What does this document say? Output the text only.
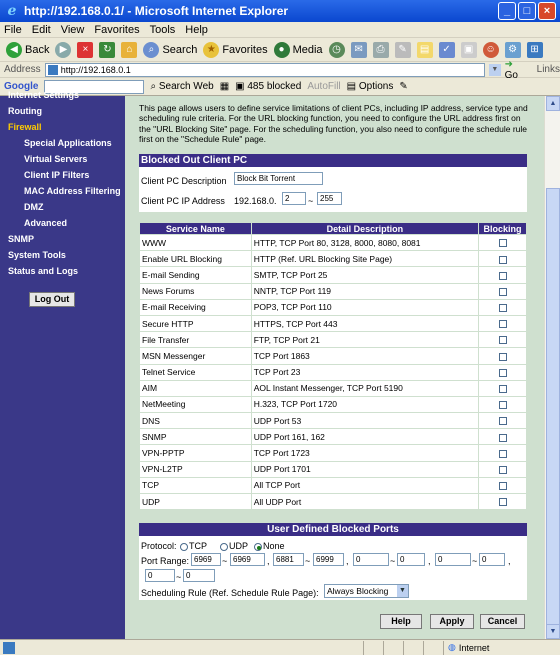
e http://192.168.0.1/ - Microsoft Internet Explorer	_	□	×
File Edit View Favorites Tools Help
◀ Back	▶	×	↻	⌂	⌕ Search ★ Favorites	● Media ◷	✉	⎙	✎	▤	✓	▣	☺	⚙	⊞
Address http://192.168.0.1	▼ ➜ Go	Links
Google	⌕ Search Web ▦ ▣ 485 blocked AutoFill ▤ Options ✎
Internet Settings
Routing
Firewall
Special Applications
Virtual Servers
Client IP Filters
MAC Address Filtering
DMZ
Advanced
SNMP
System Tools
Status and Logs
Log Out
This page allows users to define service limitations of client PCs, including IP address, service type and scheduling rule criteria. For the URL blocking function, you need to configure the URL address first on the "URL Blocking Site" page. For the scheduling function, you also need to configure the schedule rule first on the "Schedule Rule" page.
Blocked Out Client PC
Client PC Description	Block Bit Torrent
Client PC IP Address 192.168.0.	2	~ 255
Service Name	Detail Description	Blocking
WWW	HTTP, TCP Port 80, 3128, 8000, 8080, 8081	
Enable URL Blocking	HTTP (Ref. URL Blocking Site Page)	
E-mail Sending	SMTP, TCP Port 25	
News Forums	NNTP, TCP Port 119	
E-mail Receiving	POP3, TCP Port 110	
Secure HTTP	HTTPS, TCP Port 443	
File Transfer	FTP, TCP Port 21	
MSN Messenger	TCP Port 1863	
Telnet Service	TCP Port 23	
AIM	AOL Instant Messenger, TCP Port 5190	
NetMeeting	H.323, TCP Port 1720	
DNS	UDP Port 53	
SNMP	UDP Port 161, 162	
VPN-PPTP	TCP Port 1723	
VPN-L2TP	UDP Port 1701	
TCP	All TCP Port	
UDP	All UDP Port	
User Defined Blocked Ports
Protocol:	TCP	UDP	None
Port Range: 6969	~ 6969	, 6881	~ 6999	, 0	~ 0	, 0	~ 0	,
0	~ 0
Scheduling Rule (Ref. Schedule Rule Page): Always Blocking ▼
Help	Apply	Cancel
▲
▼
◍ Internet
